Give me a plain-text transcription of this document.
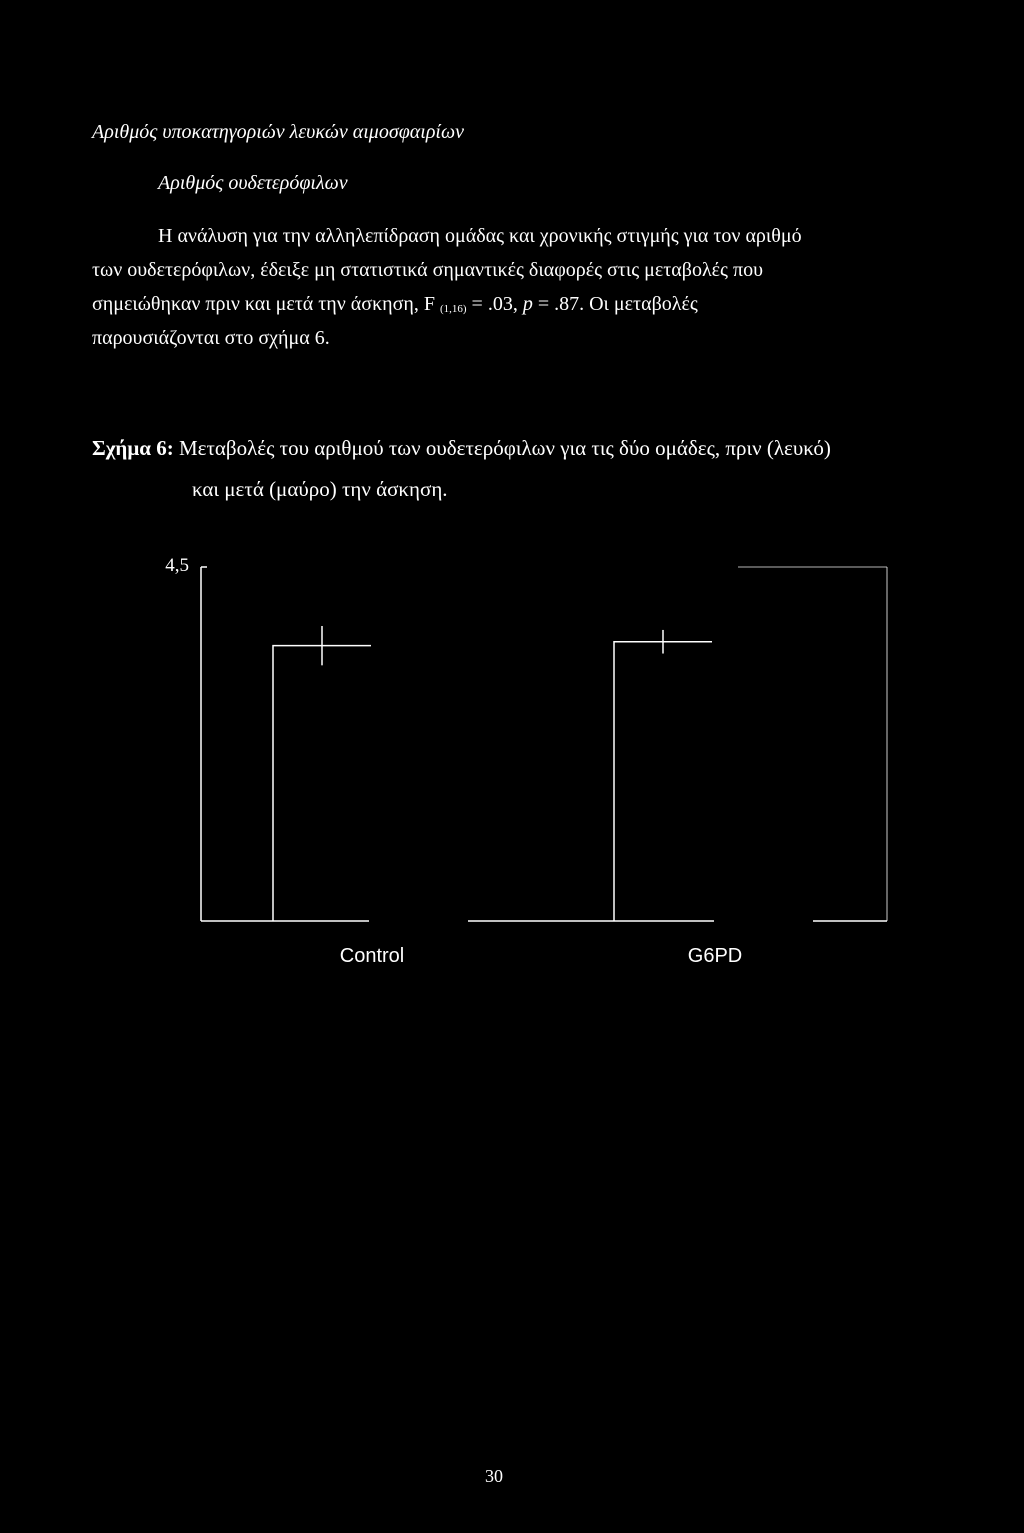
Αριθμός υποκατηγοριών λευκών αιμοσφαιρίων
Αριθμός ουδετερόφιλων
Η ανάλυση για την αλληλεπίδραση ομάδας και χρονικής στιγμής για τον αριθμό
των ουδετερόφιλων, έδειξε μη στατιστικά σημαντικές διαφορές στις μεταβολές που
σημειώθηκαν πριν και μετά την άσκηση, F $_{(1,16)}$ = .03, p = .87. Οι μεταβολές
παρουσιάζονται στο σχήμα 6.
Σχήμα 6: Μεταβολές του αριθμού των ουδετερόφιλων για τις δύο ομάδες, πριν (λευκό)
και μετά (μαύρο) την άσκηση.
4,5
Control	G6PD
30
